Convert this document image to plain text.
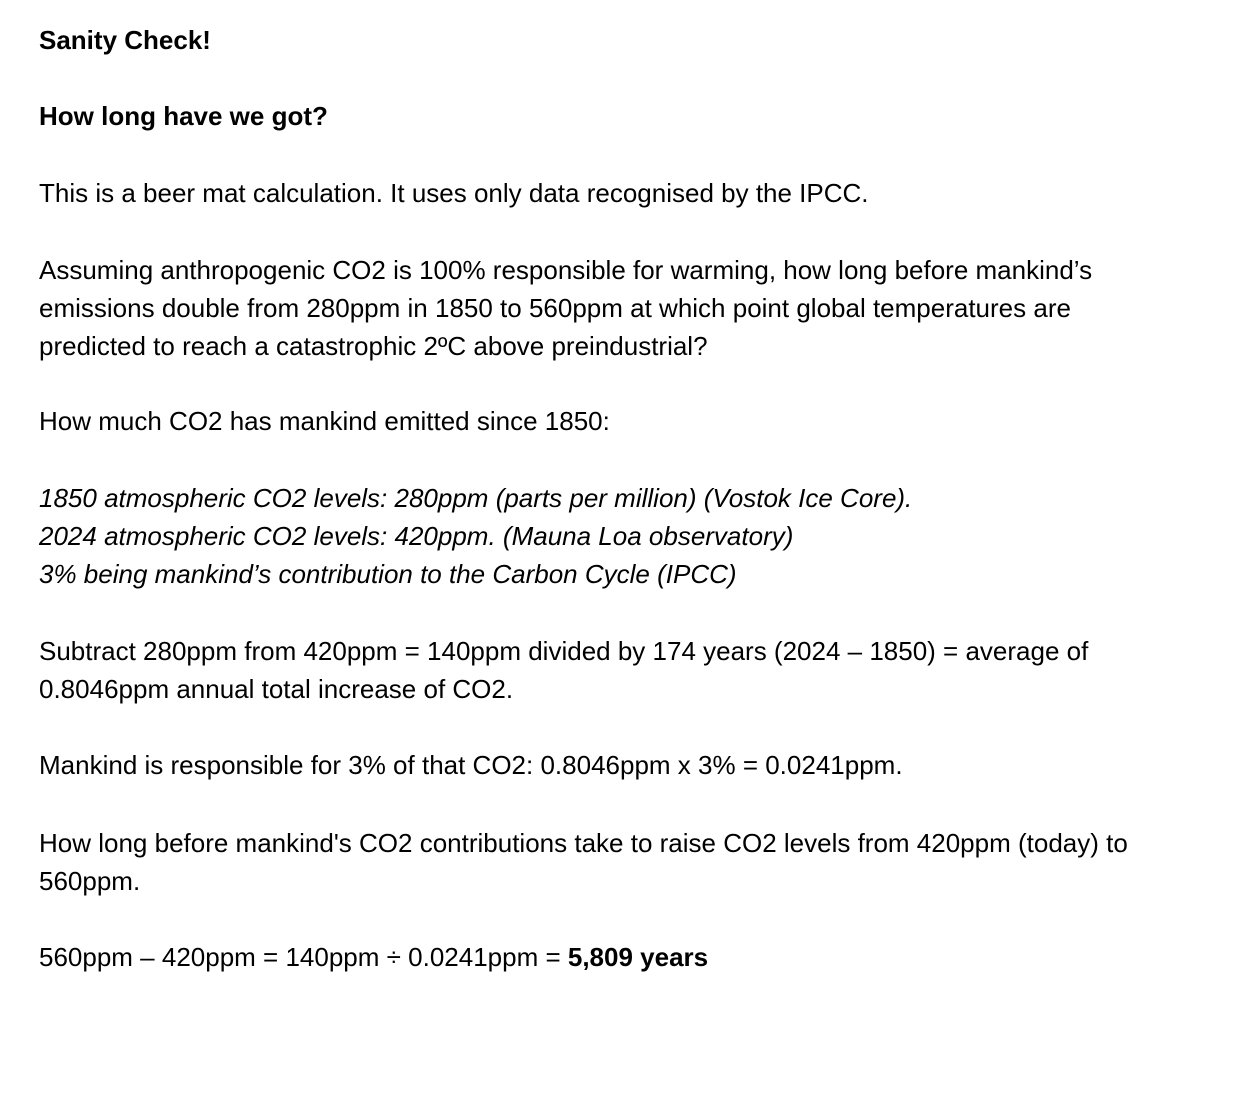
Sanity Check!

How long have we got?

This is a beer mat calculation. It uses only data recognised by the IPCC.

Assuming anthropogenic CO2 is 100% responsible for warming, how long before mankind’s emissions double from 280ppm in 1850 to 560ppm at which point global temperatures are predicted to reach a catastrophic 2ºC above preindustrial?

How much CO2 has mankind emitted since 1850:

1850 atmospheric CO2 levels: 280ppm (parts per million) (Vostok Ice Core).
2024 atmospheric CO2 levels: 420ppm. (Mauna Loa observatory)
3% being mankind’s contribution to the Carbon Cycle (IPCC)

Subtract 280ppm from 420ppm = 140ppm divided by 174 years (2024 – 1850) = average of 0.8046ppm annual total increase of CO2.

Mankind is responsible for 3% of that CO2: 0.8046ppm x 3% = 0.0241ppm.

How long before mankind's CO2 contributions take to raise CO2 levels from 420ppm (today) to 560ppm.

560ppm – 420ppm = 140ppm ÷ 0.0241ppm = 5,809 years
